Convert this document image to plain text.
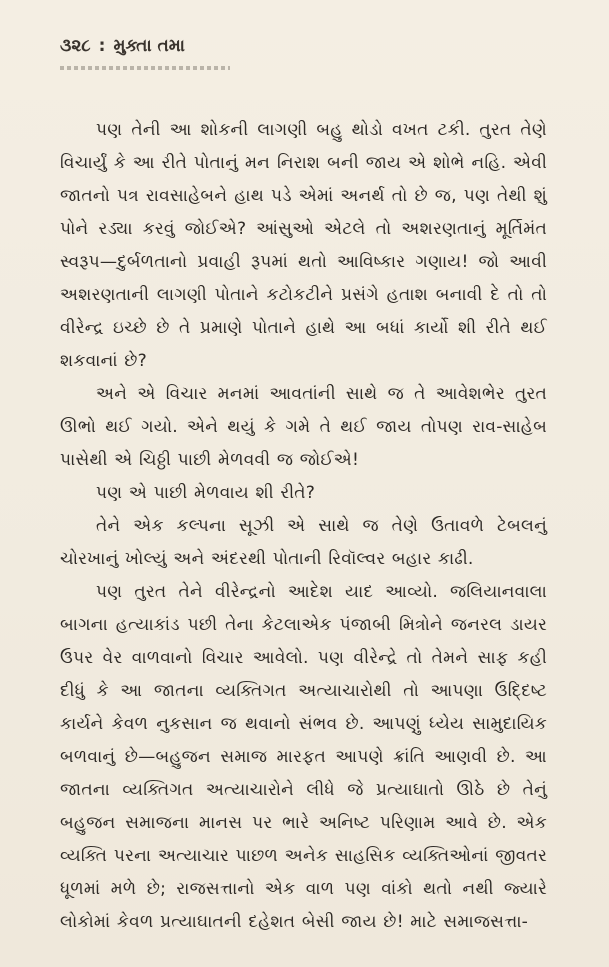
૩૨૮ : મુક્તા તમા

પણ તેની આ શોકની લાગણી બહુ થોડો વખત ટકી. તુરત તેણે વિચાર્યું કે આ રીતે પોતાનું મન નિરાશ બની જાય એ શોભે નહિ. એવી જાતનો પત્ર રાવસાહેબને હાથ પડે એમાં અનર્થ તો છે જ, પણ તેથી શું પોને રડ્યા કરવું જોઈએ? આંસુઓ એટલે તો અશરણતાનું મૂર્તિમંત સ્વરૂપ—દુર્બળતાનો પ્રવાહી રૂપમાં થતો આવિષ્કાર ગણાય! જો આવી અશરણતાની લાગણી પોતાને કટોકટીને પ્રસંગે હતાશ બનાવી દે તો તો વીરેન્દ્ર ઇચ્છે છે તે પ્રમાણે પોતાને હાથે આ બધાં કાર્યો શી રીતે થઈ શકવાનાં છે?

અને એ વિચાર મનમાં આવતાંની સાથે જ તે આવેશભેર તુરત ઊભો થઈ ગયો. એને થયું કે ગમે તે થઈ જાય તોપણ રાવ-સાહેબ પાસેથી એ ચિઠ્ઠી પાછી મેળવવી જ જોઈએ!

પણ એ પાછી મેળવાય શી રીતે?

તેને એક કલ્પના સૂઝી એ સાથે જ તેણે ઉતાવળે ટેબલનું ચોરખાનું ખોલ્યું અને અંદરથી પોતાની રિવૉલ્વર બહાર કાઢી.

પણ તુરત તેને વીરેન્દ્રનો આદેશ યાદ આવ્યો. જલિયાનવાલા બાગના હત્યાકાંડ પછી તેના કેટલાએક પંજાબી મિત્રોને જનરલ ડાયર ઉપર વેર વાળવાનો વિચાર આવેલો. પણ વીરેન્દ્રે તો તેમને સાફ કહી દીધું કે આ જાતના વ્યક્તિગત અત્યાચારોથી તો આપણા ઉદ્દિષ્ટ કાર્યને કેવળ નુકસાન જ થવાનો સંભવ છે. આપણું ધ્યેય સામુદાયિક બળવાનું છે—બહુજન સમાજ મારફત આપણે ક્રાંતિ આણવી છે. આ જાતના વ્યક્તિગત અત્યાચારોને લીધે જે પ્રત્યાઘાતો ઊઠે છે તેનું બહુજન સમાજના માનસ પર ભારે અનિષ્ટ પરિણામ આવે છે. એક વ્યક્તિ પરના અત્યાચાર પાછળ અનેક સાહસિક વ્યક્તિઓનાં જીવતર ધૂળમાં મળે છે; રાજસત્તાનો એક વાળ પણ વાંકો થતો નથી જ્યારે લોકોમાં કેવળ પ્રત્યાઘાતની દહેશત બેસી જાય છે! માટે સમાજસત્તા-
